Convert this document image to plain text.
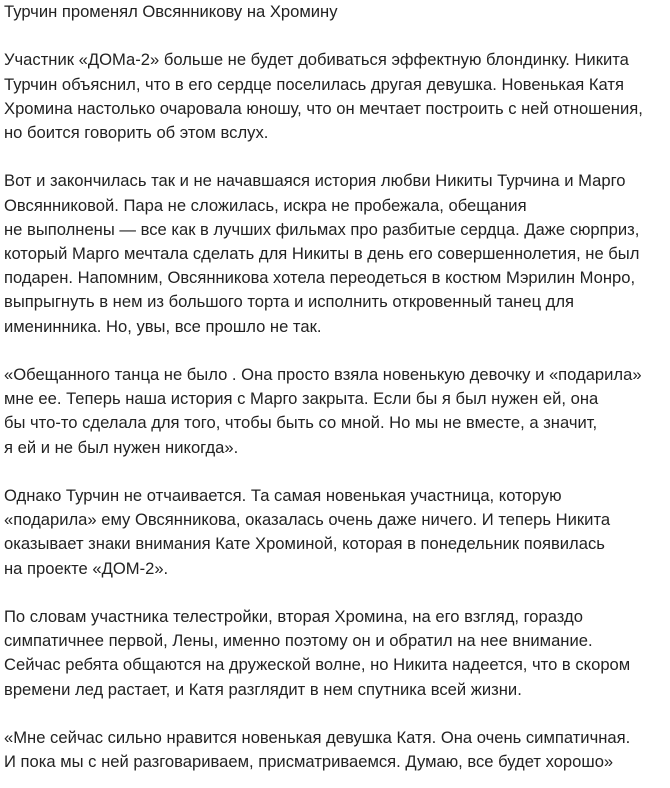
Турчин променял Овсянникову на Хромину

Участник «ДОМа-2» больше не будет добиваться эффектную блондинку. Никита
Турчин объяснил, что в его сердце поселилась другая девушка. Новенькая Катя
Хромина настолько очаровала юношу, что он мечтает построить с ней отношения,
но боится говорить об этом вслух.

Вот и закончилась так и не начавшаяся история любви Никиты Турчина и Марго
Овсянниковой. Пара не сложилась, искра не пробежала, обещания
не выполнены — все как в лучших фильмах про разбитые сердца. Даже сюрприз,
который Марго мечтала сделать для Никиты в день его совершеннолетия, не был
подарен. Напомним, Овсянникова хотела переодеться в костюм Мэрилин Монро,
выпрыгнуть в нем из большого торта и исполнить откровенный танец для
именинника. Но, увы, все прошло не так.

«Обещанного танца не было . Она просто взяла новенькую девочку и «подарила»
мне ее. Теперь наша история с Марго закрыта. Если бы я был нужен ей, она
бы что-то сделала для того, чтобы быть со мной. Но мы не вместе, а значит,
я ей и не был нужен никогда».

Однако Турчин не отчаивается. Та самая новенькая участница, которую
«подарила» ему Овсянникова, оказалась очень даже ничего. И теперь Никита
оказывает знаки внимания Кате Хроминой, которая в понедельник появилась
на проекте «ДОМ-2».

По словам участника телестройки, вторая Хромина, на его взгляд, гораздо
симпатичнее первой, Лены, именно поэтому он и обратил на нее внимание.
Сейчас ребята общаются на дружеской волне, но Никита надеется, что в скором
времени лед растает, и Катя разглядит в нем спутника всей жизни.

«Мне сейчас сильно нравится новенькая девушка Катя. Она очень симпатичная.
И пока мы с ней разговариваем, присматриваемся. Думаю, все будет хорошо»
